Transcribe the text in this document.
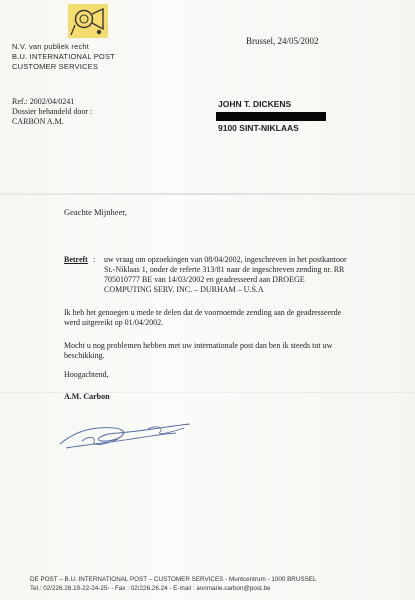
N.V. van publiek recht
B.U. INTERNATIONAL POST
CUSTOMER SERVICES
Brussel, 24/05/2002
Ref.: 2002/04/0241
Dossier behandeld door :
CARBON A.M.
JOHN T. DICKENS
9100 SINT-NIKLAAS
Geachte Mijnheer,
Betreft : uw vraag om opzoekingen van 08/04/2002, ingeschreven in het postkantoor
St.-Niklaas 1, onder de referte 313/81 naar de ingeschreven zending nr. RR
705010777 BE van 14/03/2002 en geadresseerd aan DROEGE
COMPUTING SERV. INC. – DURHAM – U.S.A
Ik heb het genoegen u mede te delen dat de voornoemde zending aan de geadresseerde
werd uitgereikt op 01/04/2002.
Mocht u nog problemen hebben met uw internationale post dan ben ik steeds tot uw
beschikking.
Hoogachtend,
A.M. Carbon
DE POST – B.U. INTERNATIONAL POST – CUSTOMER SERVICES - Muntcentrum - 1000 BRUSSEL
Tel.: 02/226.26.19-22-24-25- - Fax : 02/226.26.24 - E-mail : annmarie.carbon@post.be
